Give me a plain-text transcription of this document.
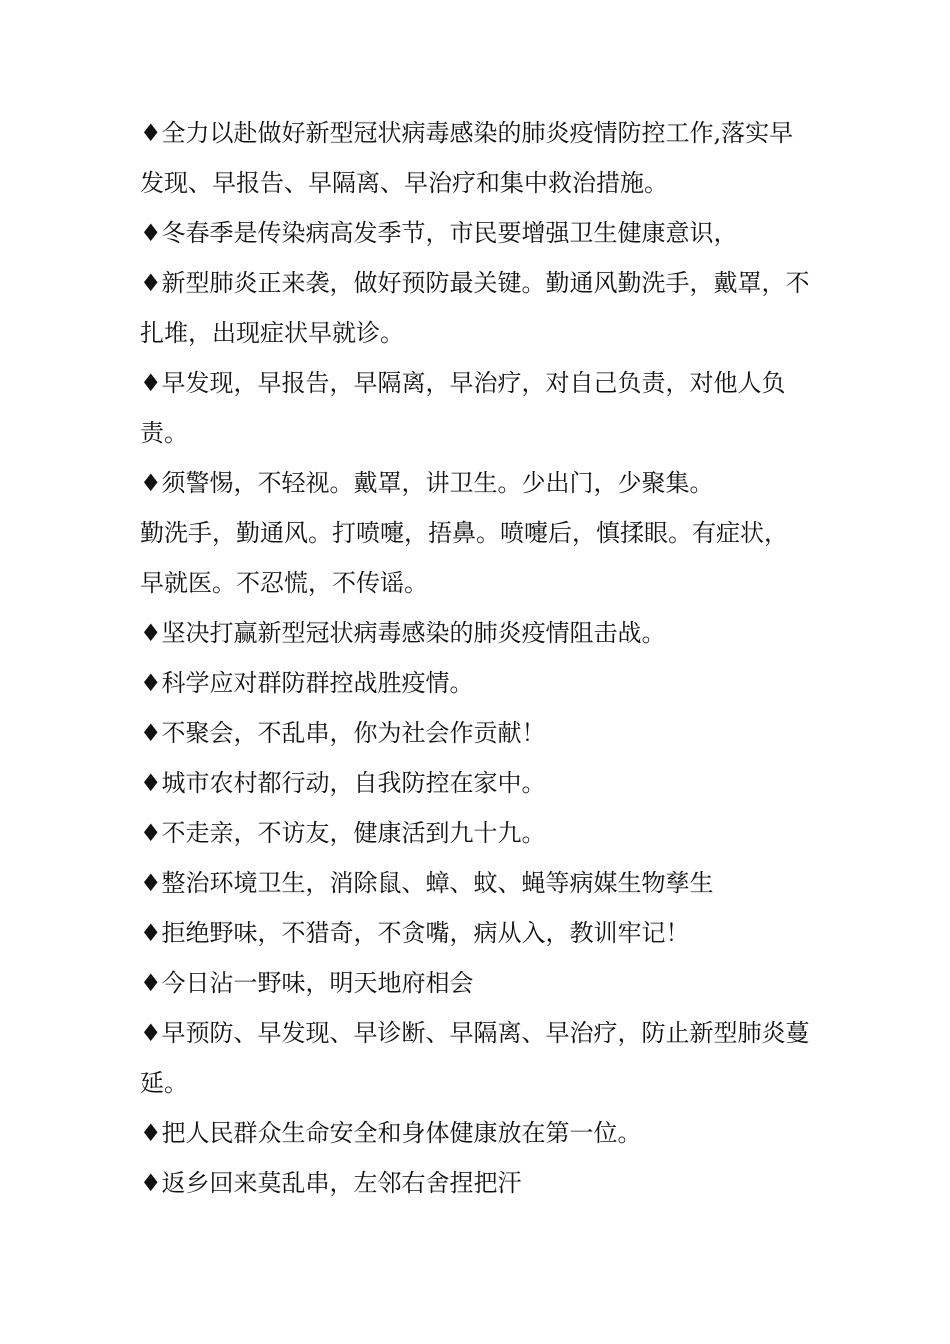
♦全力以赴做好新型冠状病毒感染的肺炎疫情防控工作,落实早
发现、早报告、早隔离、早治疗和集中救治措施。
♦冬春季是传染病高发季节，市民要增强卫生健康意识，
♦新型肺炎正来袭，做好预防最关键。勤通风勤洗手，戴罩，不
扎堆，出现症状早就诊。
♦早发现，早报告，早隔离，早治疗，对自己负责，对他人负
责。
♦须警惕，不轻视。戴罩，讲卫生。少出门，少聚集。
勤洗手，勤通风。打喷嚏，捂鼻。喷嚏后，慎揉眼。有症状，
早就医。不忍慌，不传谣。
♦坚决打赢新型冠状病毒感染的肺炎疫情阻击战。
♦科学应对群防群控战胜疫情。
♦不聚会，不乱串，你为社会作贡献！
♦城市农村都行动，自我防控在家中。
♦不走亲，不访友，健康活到九十九。
♦整治环境卫生，消除鼠、蟑、蚊、蝇等病媒生物孳生
♦拒绝野味，不猎奇，不贪嘴，病从入，教训牢记！
♦今日沾一野味，明天地府相会
♦早预防、早发现、早诊断、早隔离、早治疗，防止新型肺炎蔓
延。
♦把人民群众生命安全和身体健康放在第一位。
♦返乡回来莫乱串，左邻右舍捏把汗
